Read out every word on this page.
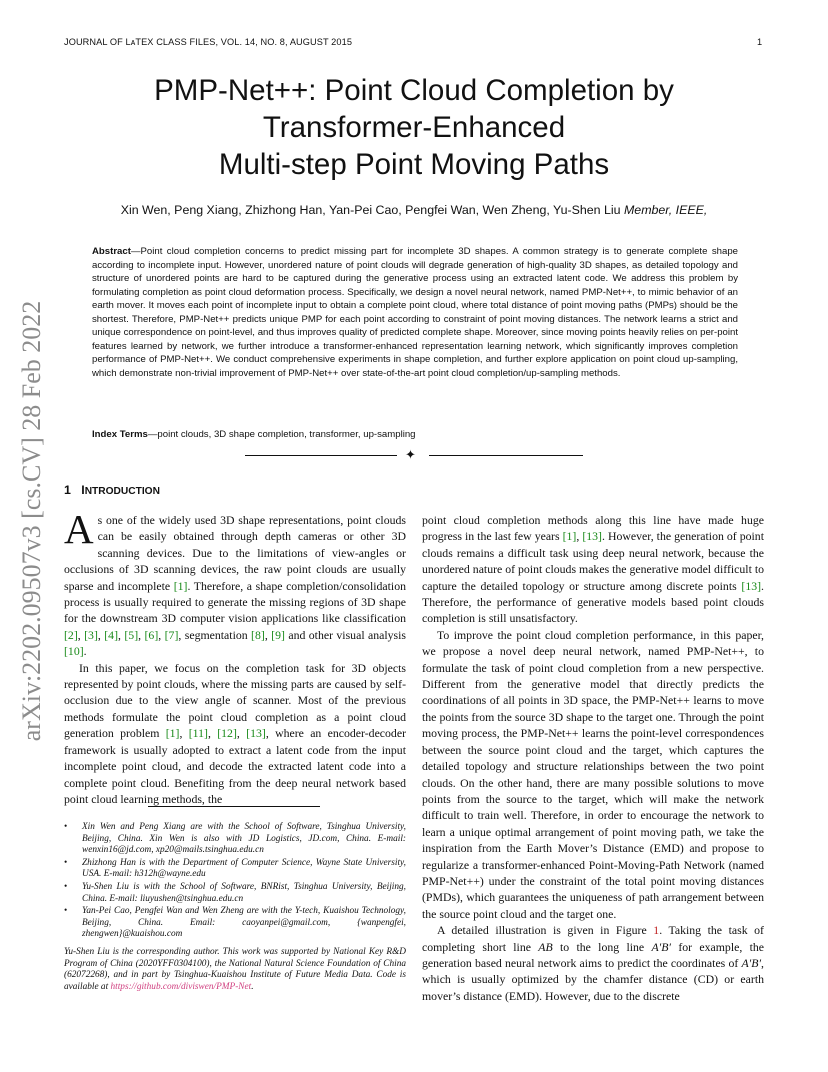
JOURNAL OF LᴀTEX CLASS FILES, VOL. 14, NO. 8, AUGUST 2015	1
arXiv:2202.09507v3 [cs.CV] 28 Feb 2022
PMP-Net++: Point Cloud Completion by
Transformer-Enhanced
Multi-step Point Moving Paths
Xin Wen, Peng Xiang, Zhizhong Han, Yan-Pei Cao, Pengfei Wan, Wen Zheng, Yu-Shen Liu Member, IEEE,

Abstract—Point cloud completion concerns to predict missing part for incomplete 3D shapes. A common strategy is to generate complete shape according to incomplete input. However, unordered nature of point clouds will degrade generation of high-quality 3D shapes, as detailed topology and structure of unordered points are hard to be captured during the generative process using an extracted latent code. We address this problem by formulating completion as point cloud deformation process. Specifically, we design a novel neural network, named PMP-Net++, to mimic behavior of an earth mover. It moves each point of incomplete input to obtain a complete point cloud, where total distance of point moving paths (PMPs) should be the shortest. Therefore, PMP-Net++ predicts unique PMP for each point according to constraint of point moving distances. The network learns a strict and unique correspondence on point-level, and thus improves quality of predicted complete shape. Moreover, since moving points heavily relies on per-point features learned by network, we further introduce a transformer-enhanced representation learning network, which significantly improves completion performance of PMP-Net++. We conduct comprehensive experiments in shape completion, and further explore application on point cloud up-sampling, which demonstrate non-trivial improvement of PMP-Net++ over state-of-the-art point cloud completion/up-sampling methods.

Index Terms—point clouds, 3D shape completion, transformer, up-sampling
✦
1 INTRODUCTION

As one of the widely used 3D shape representations, point clouds can be easily obtained through depth cameras or other 3D scanning devices. Due to the limitations of view-angles or occlusions of 3D scanning devices, the raw point clouds are usually sparse and incomplete [1]. Therefore, a shape completion/consolidation process is usually required to generate the missing regions of 3D shape for the downstream 3D computer vision applications like classification [2], [3], [4], [5], [6], [7], segmentation [8], [9] and other visual analysis [10].

In this paper, we focus on the completion task for 3D objects represented by point clouds, where the missing parts are caused by self-occlusion due to the view angle of scanner. Most of the previous methods formulate the point cloud completion as a point cloud generation problem [1], [11], [12], [13], where an encoder-decoder framework is usually adopted to extract a latent code from the input incomplete point cloud, and decode the extracted latent code into a complete point cloud. Benefiting from the deep neural network based point cloud learning methods, the

• Xin Wen and Peng Xiang are with the School of Software, Tsinghua University, Beijing, China. Xin Wen is also with JD Logistics, JD.com, China. E-mail: wenxin16@jd.com, xp20@mails.tsinghua.edu.cn
• Zhizhong Han is with the Department of Computer Science, Wayne State University, USA. E-mail: h312h@wayne.edu
• Yu-Shen Liu is with the School of Software, BNRist, Tsinghua University, Beijing, China. E-mail: liuyushen@tsinghua.edu.cn
• Yan-Pei Cao, Pengfei Wan and Wen Zheng are with the Y-tech, Kuaishou Technology, Beijing, China. Email: caoyanpei@gmail.com, {wanpengfei, zhengwen}@kuaishou.com

Yu-Shen Liu is the corresponding author. This work was supported by National Key R&D Program of China (2020YFF0304100), the National Natural Science Foundation of China (62072268), and in part by Tsinghua-Kuaishou Institute of Future Media Data. Code is available at https://github.com/diviswen/PMP-Net.

point cloud completion methods along this line have made huge progress in the last few years [1], [13]. However, the generation of point clouds remains a difficult task using deep neural network, because the unordered nature of point clouds makes the generative model difficult to capture the detailed topology or structure among discrete points [13]. Therefore, the performance of generative models based point clouds completion is still unsatisfactory.

To improve the point cloud completion performance, in this paper, we propose a novel deep neural network, named PMP-Net++, to formulate the task of point cloud completion from a new perspective. Different from the generative model that directly predicts the coordinations of all points in 3D space, the PMP-Net++ learns to move the points from the source 3D shape to the target one. Through the point moving process, the PMP-Net++ learns the point-level correspondences between the source point cloud and the target, which captures the detailed topology and structure relationships between the two point clouds. On the other hand, there are many possible solutions to move points from the source to the target, which will make the network difficult to train well. Therefore, in order to encourage the network to learn a unique optimal arrangement of point moving path, we take the inspiration from the Earth Mover’s Distance (EMD) and propose to regularize a transformer-enhanced Point-Moving-Path Network (named PMP-Net++) under the constraint of the total point moving distances (PMDs), which guarantees the uniqueness of path arrangement between the source point cloud and the target one.

A detailed illustration is given in Figure 1. Taking the task of completing short line AB to the long line A′B′ for example, the generation based neural network aims to predict the coordinates of A′B′, which is usually optimized by the chamfer distance (CD) or earth mover’s distance (EMD). However, due to the discrete
